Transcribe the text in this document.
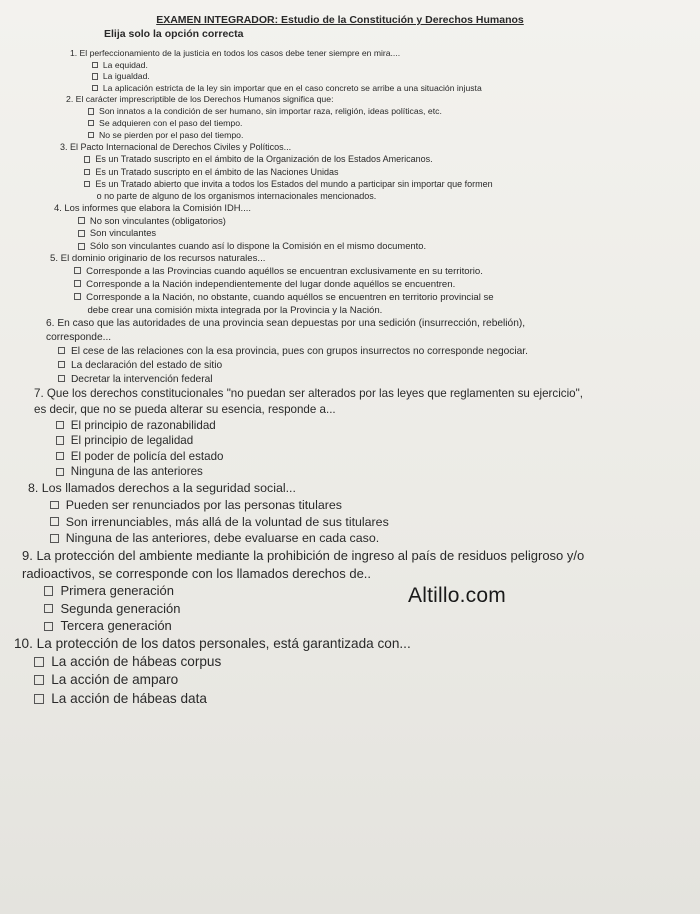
EXAMEN INTEGRADOR: Estudio de la Constitución y Derechos Humanos
Elija solo la opción correcta
1. El perfeccionamiento de la justicia en todos los casos debe tener siempre en mira....
La equidad.
La igualdad.
La aplicación estricta de la ley sin importar que en el caso concreto se arribe a una situación injusta
2. El carácter imprescriptible de los Derechos Humanos significa que:
Son innatos a la condición de ser humano, sin importar raza, religión, ideas políticas, etc.
Se adquieren con el paso del tiempo.
No se pierden por el paso del tiempo.
3. El Pacto Internacional de Derechos Civiles y Políticos...
Es un Tratado suscripto en el ámbito de la Organización de los Estados Americanos.
Es un Tratado suscripto en el ámbito de las Naciones Unidas
Es un Tratado abierto que invita a todos los Estados del mundo a participar sin importar que formen
o no parte de alguno de los organismos internacionales mencionados.
4. Los informes que elabora la Comisión IDH....
No son vinculantes (obligatorios)
Son vinculantes
Sólo son vinculantes cuando así lo dispone la Comisión en el mismo documento.
5. El dominio originario de los recursos naturales...
Corresponde a las Provincias cuando aquéllos se encuentran exclusivamente en su territorio.
Corresponde a la Nación independientemente del lugar donde aquéllos se encuentren.
Corresponde a la Nación, no obstante, cuando aquéllos se encuentren en territorio provincial se
debe crear una comisión mixta integrada por la Provincia y la Nación.
6. En caso que las autoridades de una provincia sean depuestas por una sedición (insurrección, rebelión),
corresponde...
El cese de las relaciones con la esa provincia, pues con grupos insurrectos no corresponde negociar.
La declaración del estado de sitio
Decretar la intervención federal
7. Que los derechos constitucionales "no puedan ser alterados por las leyes que reglamenten su ejercicio",
es decir, que no se pueda alterar su esencia, responde a...
El principio de razonabilidad
El principio de legalidad
El poder de policía del estado
Ninguna de las anteriores
8. Los llamados derechos a la seguridad social...
Pueden ser renunciados por las personas titulares
Son irrenunciables, más allá de la voluntad de sus titulares
Ninguna de las anteriores, debe evaluarse en cada caso.
9. La protección del ambiente mediante la prohibición de ingreso al país de residuos peligroso y/o
radioactivos, se corresponde con los llamados derechos de..
Primera generación
Segunda generación
Tercera generación
10. La protección de los datos personales, está garantizada con...
La acción de hábeas corpus
La acción de amparo
La acción de hábeas data
Altillo.com
